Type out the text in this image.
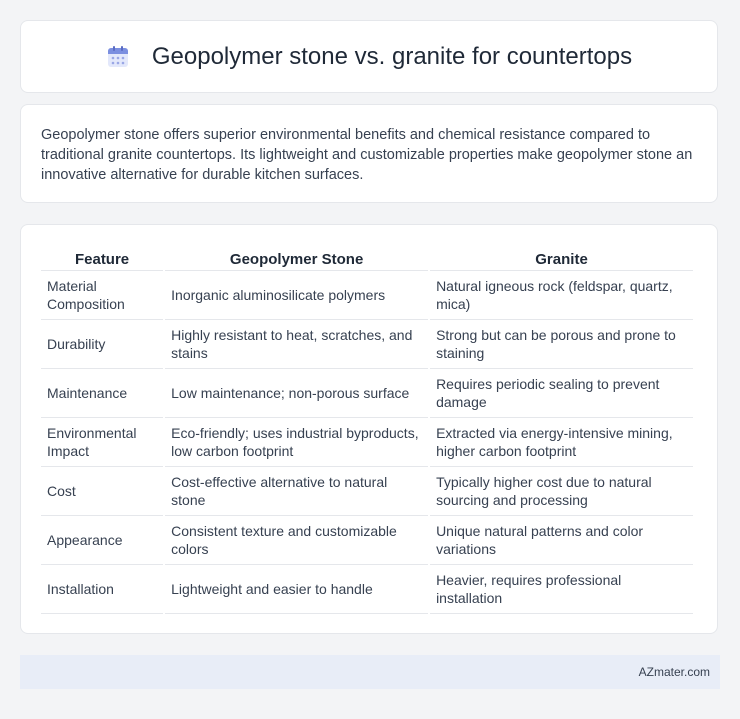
Geopolymer stone vs. granite for countertops

Geopolymer stone offers superior environmental benefits and chemical resistance compared to traditional granite countertops. Its lightweight and customizable properties make geopolymer stone an innovative alternative for durable kitchen surfaces.

Feature	Geopolymer Stone	Granite
Material Composition	Inorganic aluminosilicate polymers	Natural igneous rock (feldspar, quartz, mica)
Durability	Highly resistant to heat, scratches, and stains	Strong but can be porous and prone to staining
Maintenance	Low maintenance; non-porous surface	Requires periodic sealing to prevent damage
Environmental Impact	Eco-friendly; uses industrial byproducts, low carbon footprint	Extracted via energy-intensive mining, higher carbon footprint
Cost	Cost-effective alternative to natural stone	Typically higher cost due to natural sourcing and processing
Appearance	Consistent texture and customizable colors	Unique natural patterns and color variations
Installation	Lightweight and easier to handle	Heavier, requires professional installation
AZmater.com
